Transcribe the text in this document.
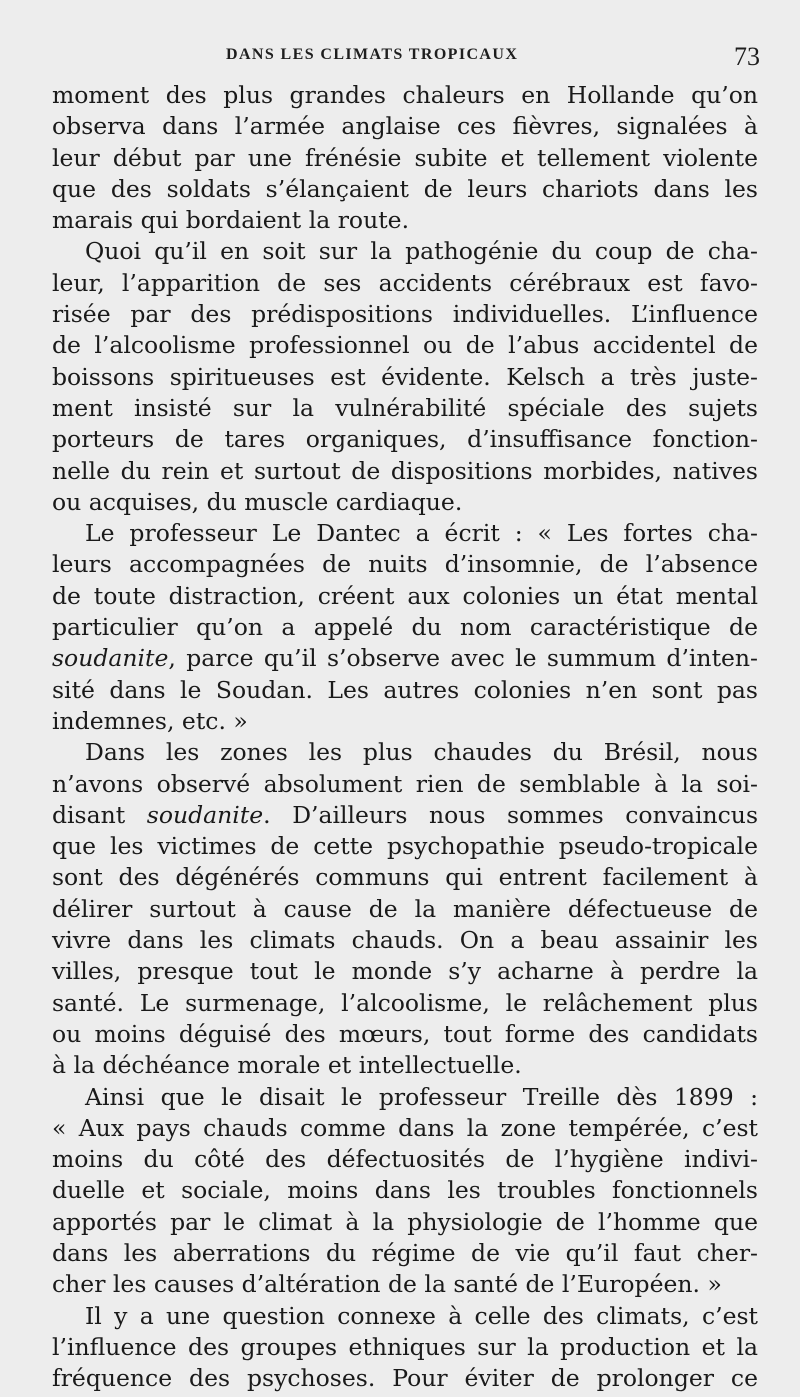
DANS LES CLIMATS TROPICAUX	73
moment des plus grandes chaleurs en Hollande qu’on
observa dans l’armée anglaise ces fièvres, signalées à
leur début par une frénésie subite et tellement violente
que des soldats s’élançaient de leurs chariots dans les
marais qui bordaient la route.
Quoi qu’il en soit sur la pathogénie du coup de cha-
leur, l’apparition de ses accidents cérébraux est favo-
risée par des prédispositions individuelles. L’influence
de l’alcoolisme professionnel ou de l’abus accidentel de
boissons spiritueuses est évidente. Kelsch a très juste-
ment insisté sur la vulnérabilité spéciale des sujets
porteurs de tares organiques, d’insuffisance fonction-
nelle du rein et surtout de dispositions morbides, natives
ou acquises, du muscle cardiaque.
Le professeur Le Dantec a écrit : « Les fortes cha-
leurs accompagnées de nuits d’insomnie, de l’absence
de toute distraction, créent aux colonies un état mental
particulier qu’on a appelé du nom caractéristique de
soudanite, parce qu’il s’observe avec le summum d’inten-
sité dans le Soudan. Les autres colonies n’en sont pas
indemnes, etc. »
Dans les zones les plus chaudes du Brésil, nous
n’avons observé absolument rien de semblable à la soi-
disant soudanite. D’ailleurs nous sommes convaincus
que les victimes de cette psychopathie pseudo-tropicale
sont des dégénérés communs qui entrent facilement à
délirer surtout à cause de la manière défectueuse de
vivre dans les climats chauds. On a beau assainir les
villes, presque tout le monde s’y acharne à perdre la
santé. Le surmenage, l’alcoolisme, le relâchement plus
ou moins déguisé des mœurs, tout forme des candidats
à la déchéance morale et intellectuelle.
Ainsi que le disait le professeur Treille dès 1899 :
« Aux pays chauds comme dans la zone tempérée, c’est
moins du côté des défectuosités de l’hygiène indivi-
duelle et sociale, moins dans les troubles fonctionnels
apportés par le climat à la physiologie de l’homme que
dans les aberrations du régime de vie qu’il faut cher-
cher les causes d’altération de la santé de l’Européen. »
Il y a une question connexe à celle des climats, c’est
l’influence des groupes ethniques sur la production et la
fréquence des psychoses. Pour éviter de prolonger ce
